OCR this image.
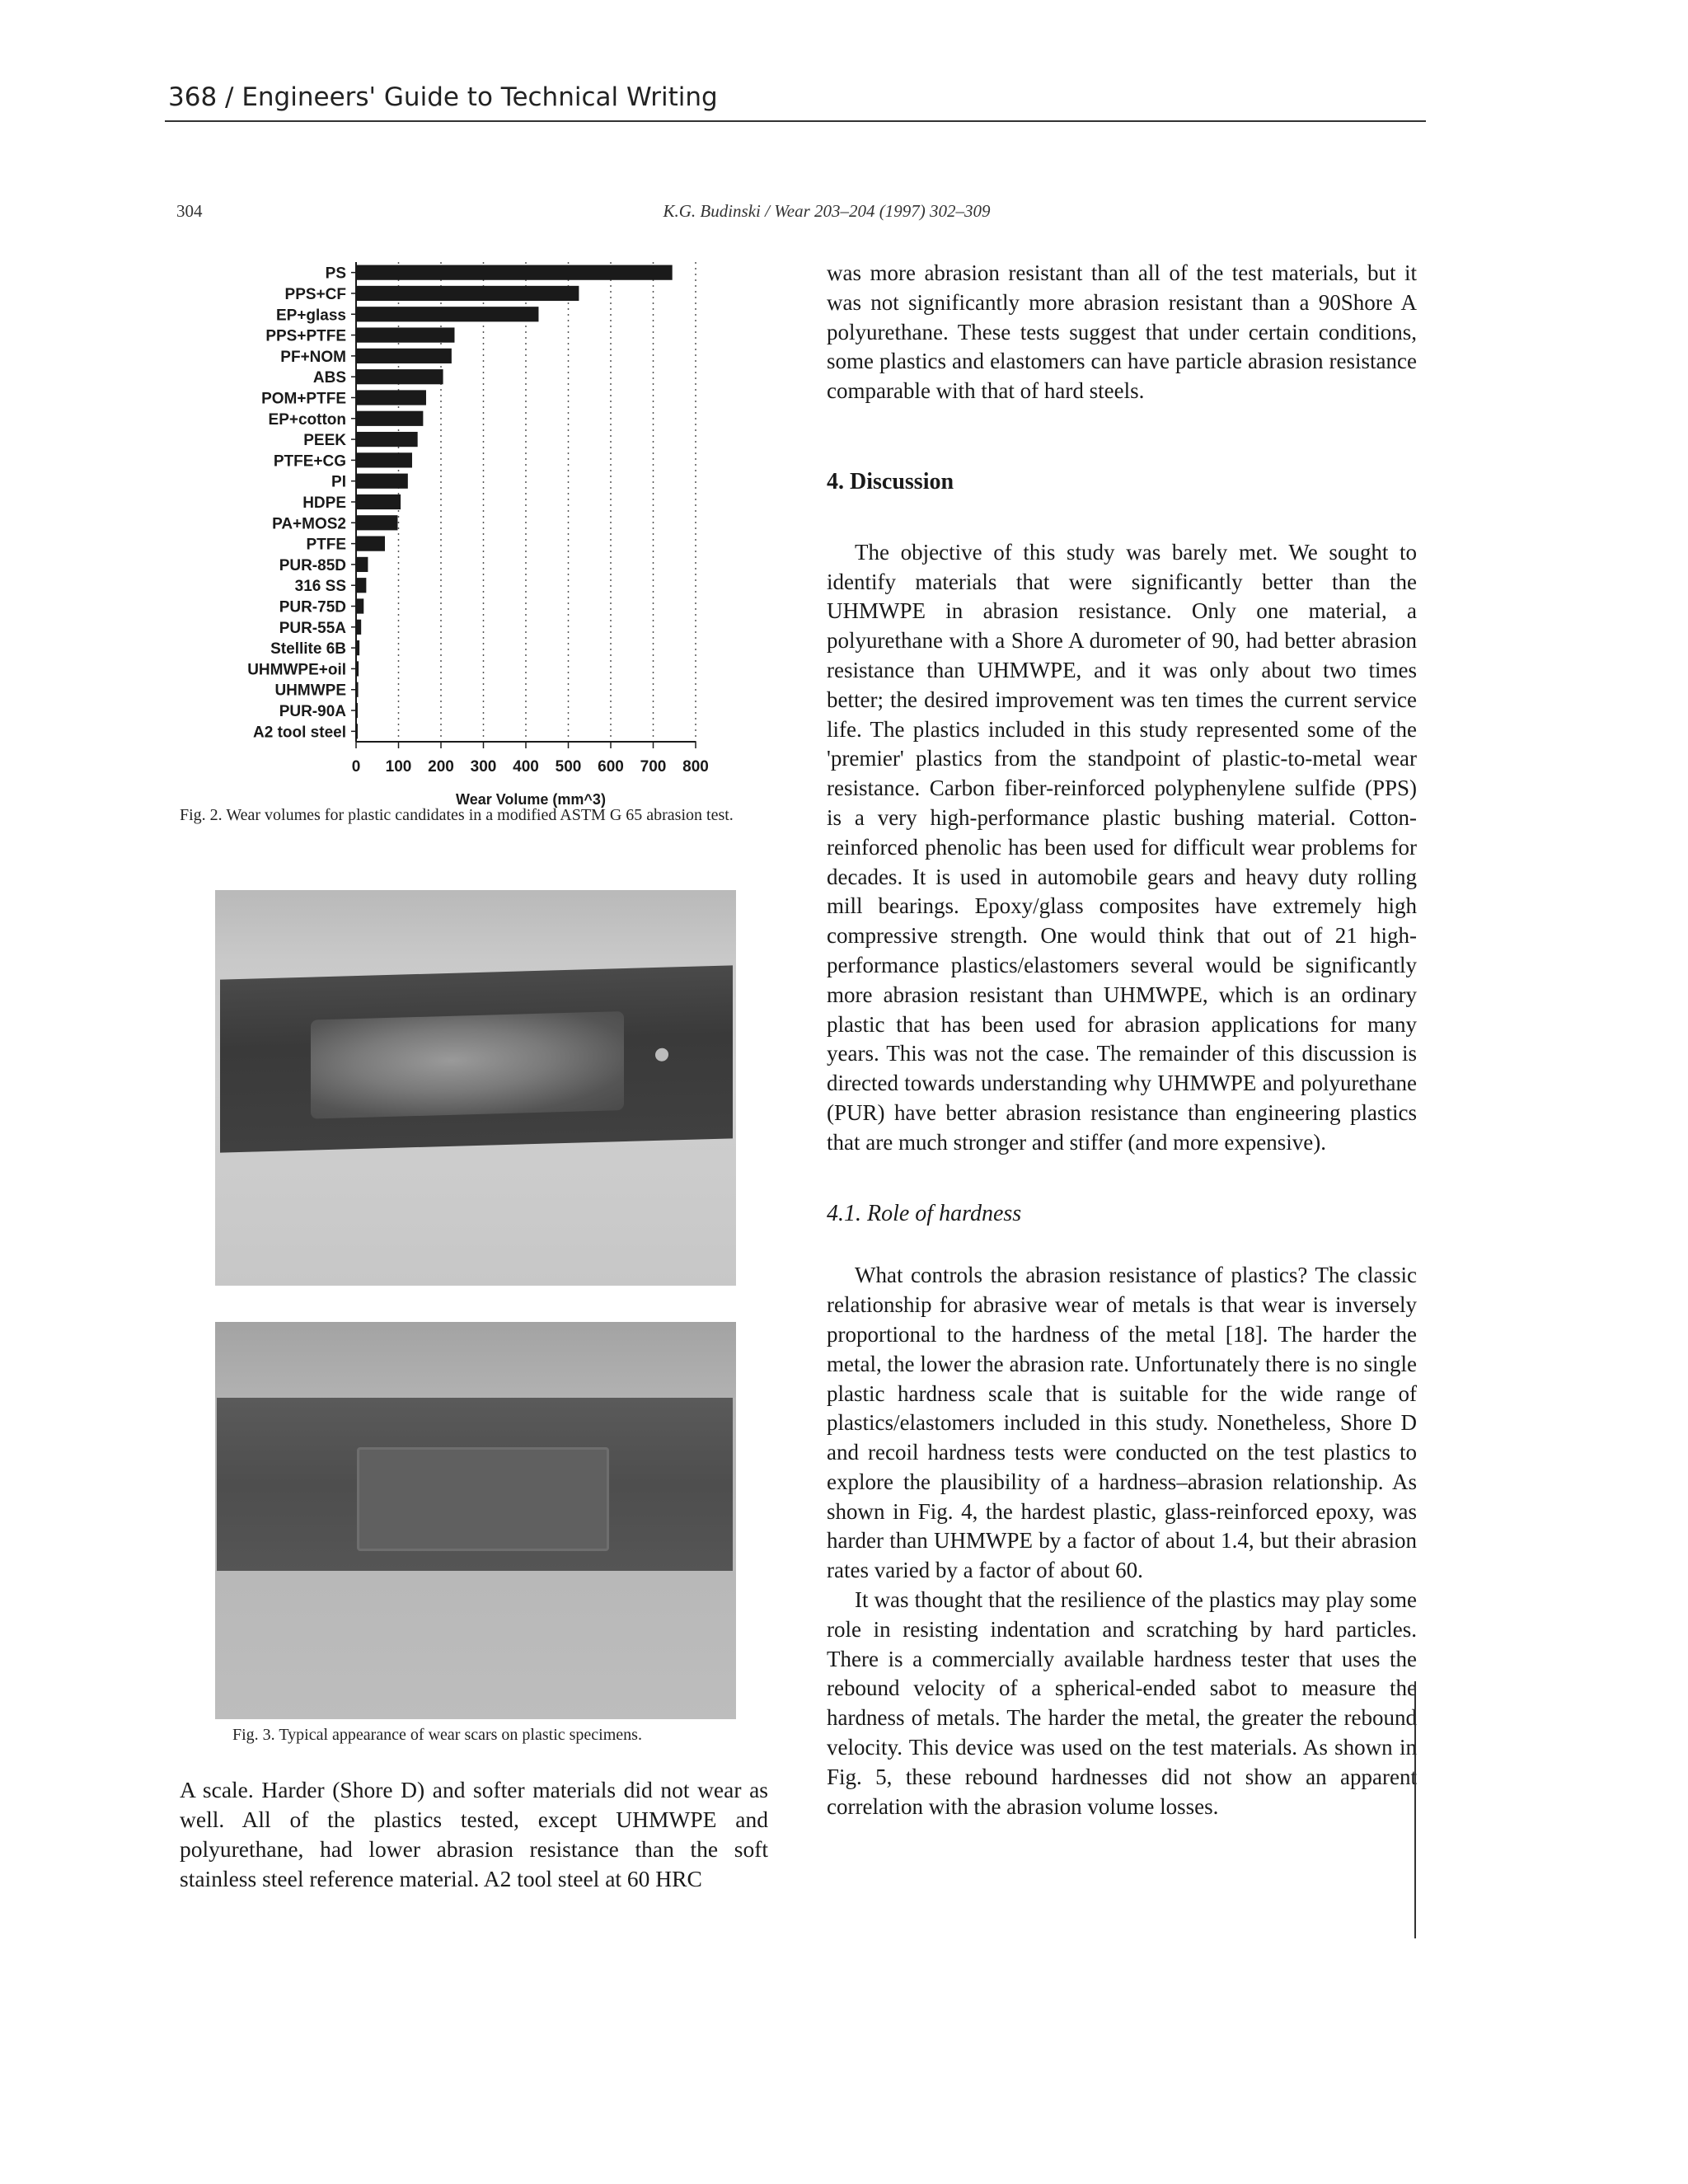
368 / Engineers' Guide to Technical Writing
304	K.G. Budinski / Wear 203–204 (1997) 302–309
PS
PPS+CF
EP+glass
PPS+PTFE
PF+NOM
ABS
POM+PTFE
EP+cotton
PEEK
PTFE+CG
PI
HDPE
PA+MOS2
PTFE
PUR-85D
316 SS
PUR-75D
PUR-55A
Stellite 6B
UHMWPE+oil
UHMWPE
PUR-90A
A2 tool steel
0 100 200 300 400 500 600 700 800
Wear Volume (mm^3)
Fig. 2. Wear volumes for plastic candidates in a modified ASTM G 65 abrasion test.

Fig. 3. Typical appearance of wear scars on plastic specimens.

A scale. Harder (Shore D) and softer materials did not wear as well. All of the plastics tested, except UHMWPE and polyurethane, had lower abrasion resistance than the soft stainless steel reference material. A2 tool steel at 60 HRC

was more abrasion resistant than all of the test materials, but it was not significantly more abrasion resistant than a 90Shore A polyurethane. These tests suggest that under certain conditions, some plastics and elastomers can have particle abrasion resistance comparable with that of hard steels.

4. Discussion

The objective of this study was barely met. We sought to identify materials that were significantly better than the UHMWPE in abrasion resistance. Only one material, a polyurethane with a Shore A durometer of 90, had better abrasion resistance than UHMWPE, and it was only about two times better; the desired improvement was ten times the current service life. The plastics included in this study represented some of the 'premier' plastics from the standpoint of plastic-to-metal wear resistance. Carbon fiber-reinforced polyphenylene sulfide (PPS) is a very high-performance plastic bushing material. Cotton-reinforced phenolic has been used for difficult wear problems for decades. It is used in automobile gears and heavy duty rolling mill bearings. Epoxy/glass composites have extremely high compressive strength. One would think that out of 21 high-performance plastics/elastomers several would be significantly more abrasion resistant than UHMWPE, which is an ordinary plastic that has been used for abrasion applications for many years. This was not the case. The remainder of this discussion is directed towards understanding why UHMWPE and polyurethane (PUR) have better abrasion resistance than engineering plastics that are much stronger and stiffer (and more expensive).

4.1. Role of hardness

What controls the abrasion resistance of plastics? The classic relationship for abrasive wear of metals is that wear is inversely proportional to the hardness of the metal [18]. The harder the metal, the lower the abrasion rate. Unfortunately there is no single plastic hardness scale that is suitable for the wide range of plastics/elastomers included in this study. Nonetheless, Shore D and recoil hardness tests were conducted on the test plastics to explore the plausibility of a hardness–abrasion relationship. As shown in Fig. 4, the hardest plastic, glass-reinforced epoxy, was harder than UHMWPE by a factor of about 1.4, but their abrasion rates varied by a factor of about 60.

It was thought that the resilience of the plastics may play some role in resisting indentation and scratching by hard particles. There is a commercially available hardness tester that uses the rebound velocity of a spherical-ended sabot to measure the hardness of metals. The harder the metal, the greater the rebound velocity. This device was used on the test materials. As shown in Fig. 5, these rebound hardnesses did not show an apparent correlation with the abrasion volume losses.
